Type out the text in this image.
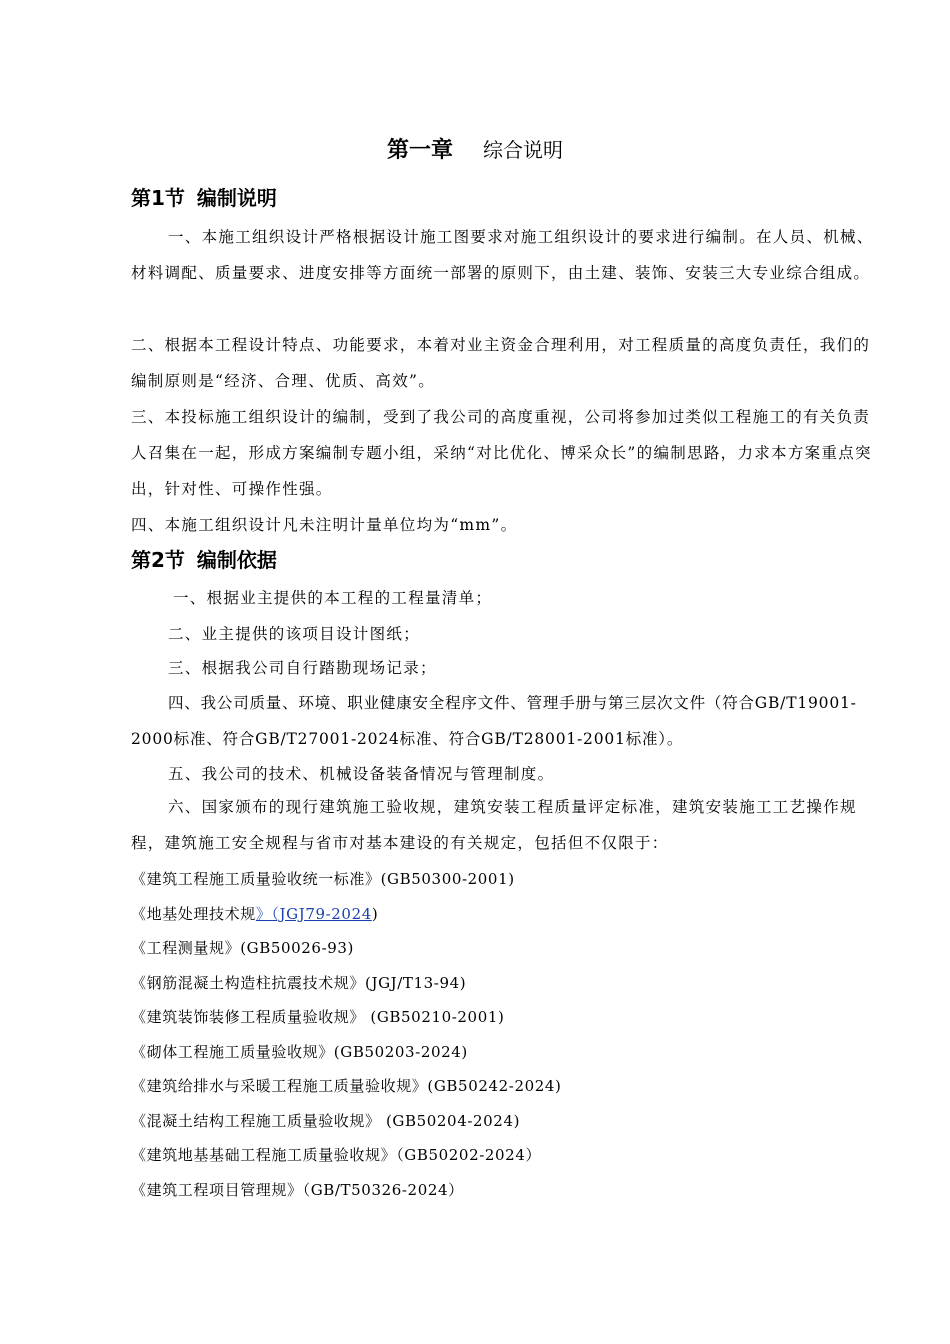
第一章 综合说明
第1节 编制说明

一、本施工组织设计严格根据设计施工图要求对施工组织设计的要求进行编制。在人员、机械、材料调配、质量要求、进度安排等方面统一部署的原则下，由土建、装饰、安装三大专业综合组成。

二、根据本工程设计特点、功能要求，本着对业主资金合理利用，对工程质量的高度负责任，我们的编制原则是“经济、合理、优质、高效”。

三、本投标施工组织设计的编制，受到了我公司的高度重视，公司将参加过类似工程施工的有关负责人召集在一起，形成方案编制专题小组，采纳“对比优化、博采众长”的编制思路，力求本方案重点突出，针对性、可操作性强。

四、本施工组织设计凡未注明计量单位均为“mm”。

第2节 编制依据

一、根据业主提供的本工程的工程量清单；

二、业主提供的该项目设计图纸；

三、根据我公司自行踏勘现场记录；

四、我公司质量、环境、职业健康安全程序文件、管理手册与第三层次文件（符合GB/T19001-2000标准、符合GB/T27001-2024标准、符合GB/T28001-2001标准）。

五、我公司的技术、机械设备装备情况与管理制度。

六、国家颁布的现行建筑施工验收规，建筑安装工程质量评定标准，建筑安装施工工艺操作规程，建筑施工安全规程与省市对基本建设的有关规定，包括但不仅限于：

《建筑工程施工质量验收统一标准》(GB50300-2001)
《地基处理技术规》（JGJ79-2024)
《工程测量规》(GB50026-93)
《钢筋混凝土构造柱抗震技术规》(JGJ/T13-94)
《建筑装饰装修工程质量验收规》 (GB50210-2001)
《砌体工程施工质量验收规》(GB50203-2024)
《建筑给排水与采暖工程施工质量验收规》(GB50242-2024)
《混凝土结构工程施工质量验收规》 (GB50204-2024)
《建筑地基基础工程施工质量验收规》（GB50202-2024）
《建筑工程项目管理规》（GB/T50326-2024）
